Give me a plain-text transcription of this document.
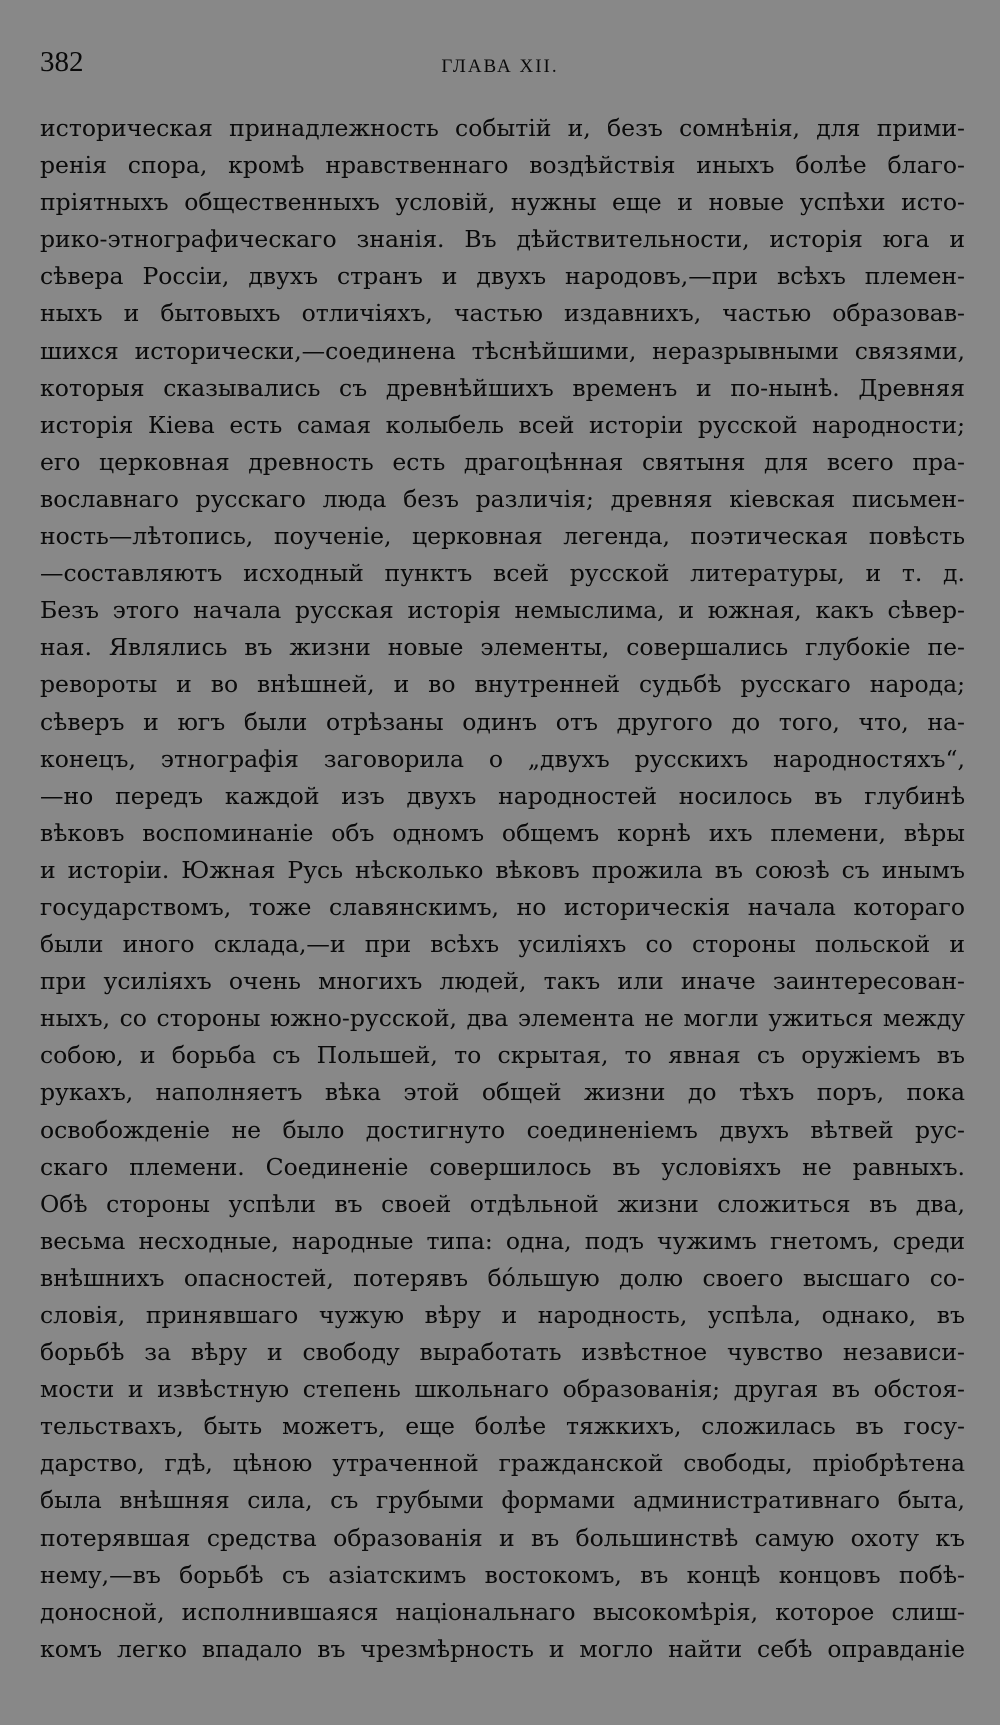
382	ГЛАВА XII.
историческая принадлежность событій и, безъ сомнѣнія, для прими-
ренія спора, кромѣ нравственнаго воздѣйствія иныхъ болѣе благо-
пріятныхъ общественныхъ условій, нужны еще и новые успѣхи исто-
рико-этнографическаго знанія. Въ дѣйствительности, исторія юга и
сѣвера Россіи, двухъ странъ и двухъ народовъ,—при всѣхъ племен-
ныхъ и бытовыхъ отличіяхъ, частью издавнихъ, частью образовав-
шихся исторически,—соединена тѣснѣйшими, неразрывными связями,
которыя сказывались съ древнѣйшихъ временъ и по-нынѣ. Древняя
исторія Кіева есть самая колыбель всей исторіи русской народности;
его церковная древность есть драгоцѣнная святыня для всего пра-
вославнаго русскаго люда безъ различія; древняя кіевская письмен-
ность—лѣтопись, поученіе, церковная легенда, поэтическая повѣсть
—составляютъ исходный пунктъ всей русской литературы, и т. д.
Безъ этого начала русская исторія немыслима, и южная, какъ сѣвер-
ная. Являлись въ жизни новые элементы, совершались глубокіе пе-
ревороты и во внѣшней, и во внутренней судьбѣ русскаго народа;
сѣверъ и югъ были отрѣзаны одинъ отъ другого до того, что, на-
конецъ, этнографія заговорила о „двухъ русскихъ народностяхъ“,
—но передъ каждой изъ двухъ народностей носилось въ глубинѣ
вѣковъ воспоминаніе объ одномъ общемъ корнѣ ихъ племени, вѣры
и исторіи. Южная Русь нѣсколько вѣковъ прожила въ союзѣ съ инымъ
государствомъ, тоже славянскимъ, но историческія начала котораго
были иного склада,—и при всѣхъ усиліяхъ со стороны польской и
при усиліяхъ очень многихъ людей, такъ или иначе заинтересован-
ныхъ, со стороны южно-русской, два элемента не могли ужиться между
собою, и борьба съ Польшей, то скрытая, то явная съ оружіемъ въ
рукахъ, наполняетъ вѣка этой общей жизни до тѣхъ поръ, пока
освобожденіе не было достигнуто соединеніемъ двухъ вѣтвей рус-
скаго племени. Соединеніе совершилось въ условіяхъ не равныхъ.
Обѣ стороны успѣли въ своей отдѣльной жизни сложиться въ два,
весьма несходные, народные типа: одна, подъ чужимъ гнетомъ, среди
внѣшнихъ опасностей, потерявъ бо́льшую долю своего высшаго со-
словія, принявшаго чужую вѣру и народность, успѣла, однако, въ
борьбѣ за вѣру и свободу выработать извѣстное чувство независи-
мости и извѣстную степень школьнаго образованія; другая въ обстоя-
тельствахъ, быть можетъ, еще болѣе тяжкихъ, сложилась въ госу-
дарство, гдѣ, цѣною утраченной гражданской свободы, пріобрѣтена
была внѣшняя сила, съ грубыми формами административнаго быта,
потерявшая средства образованія и въ большинствѣ самую охоту къ
нему,—въ борьбѣ съ азіатскимъ востокомъ, въ концѣ концовъ побѣ-
доносной, исполнившаяся національнаго высокомѣрія, которое слиш-
комъ легко впадало въ чрезмѣрность и могло найти себѣ оправданіе
